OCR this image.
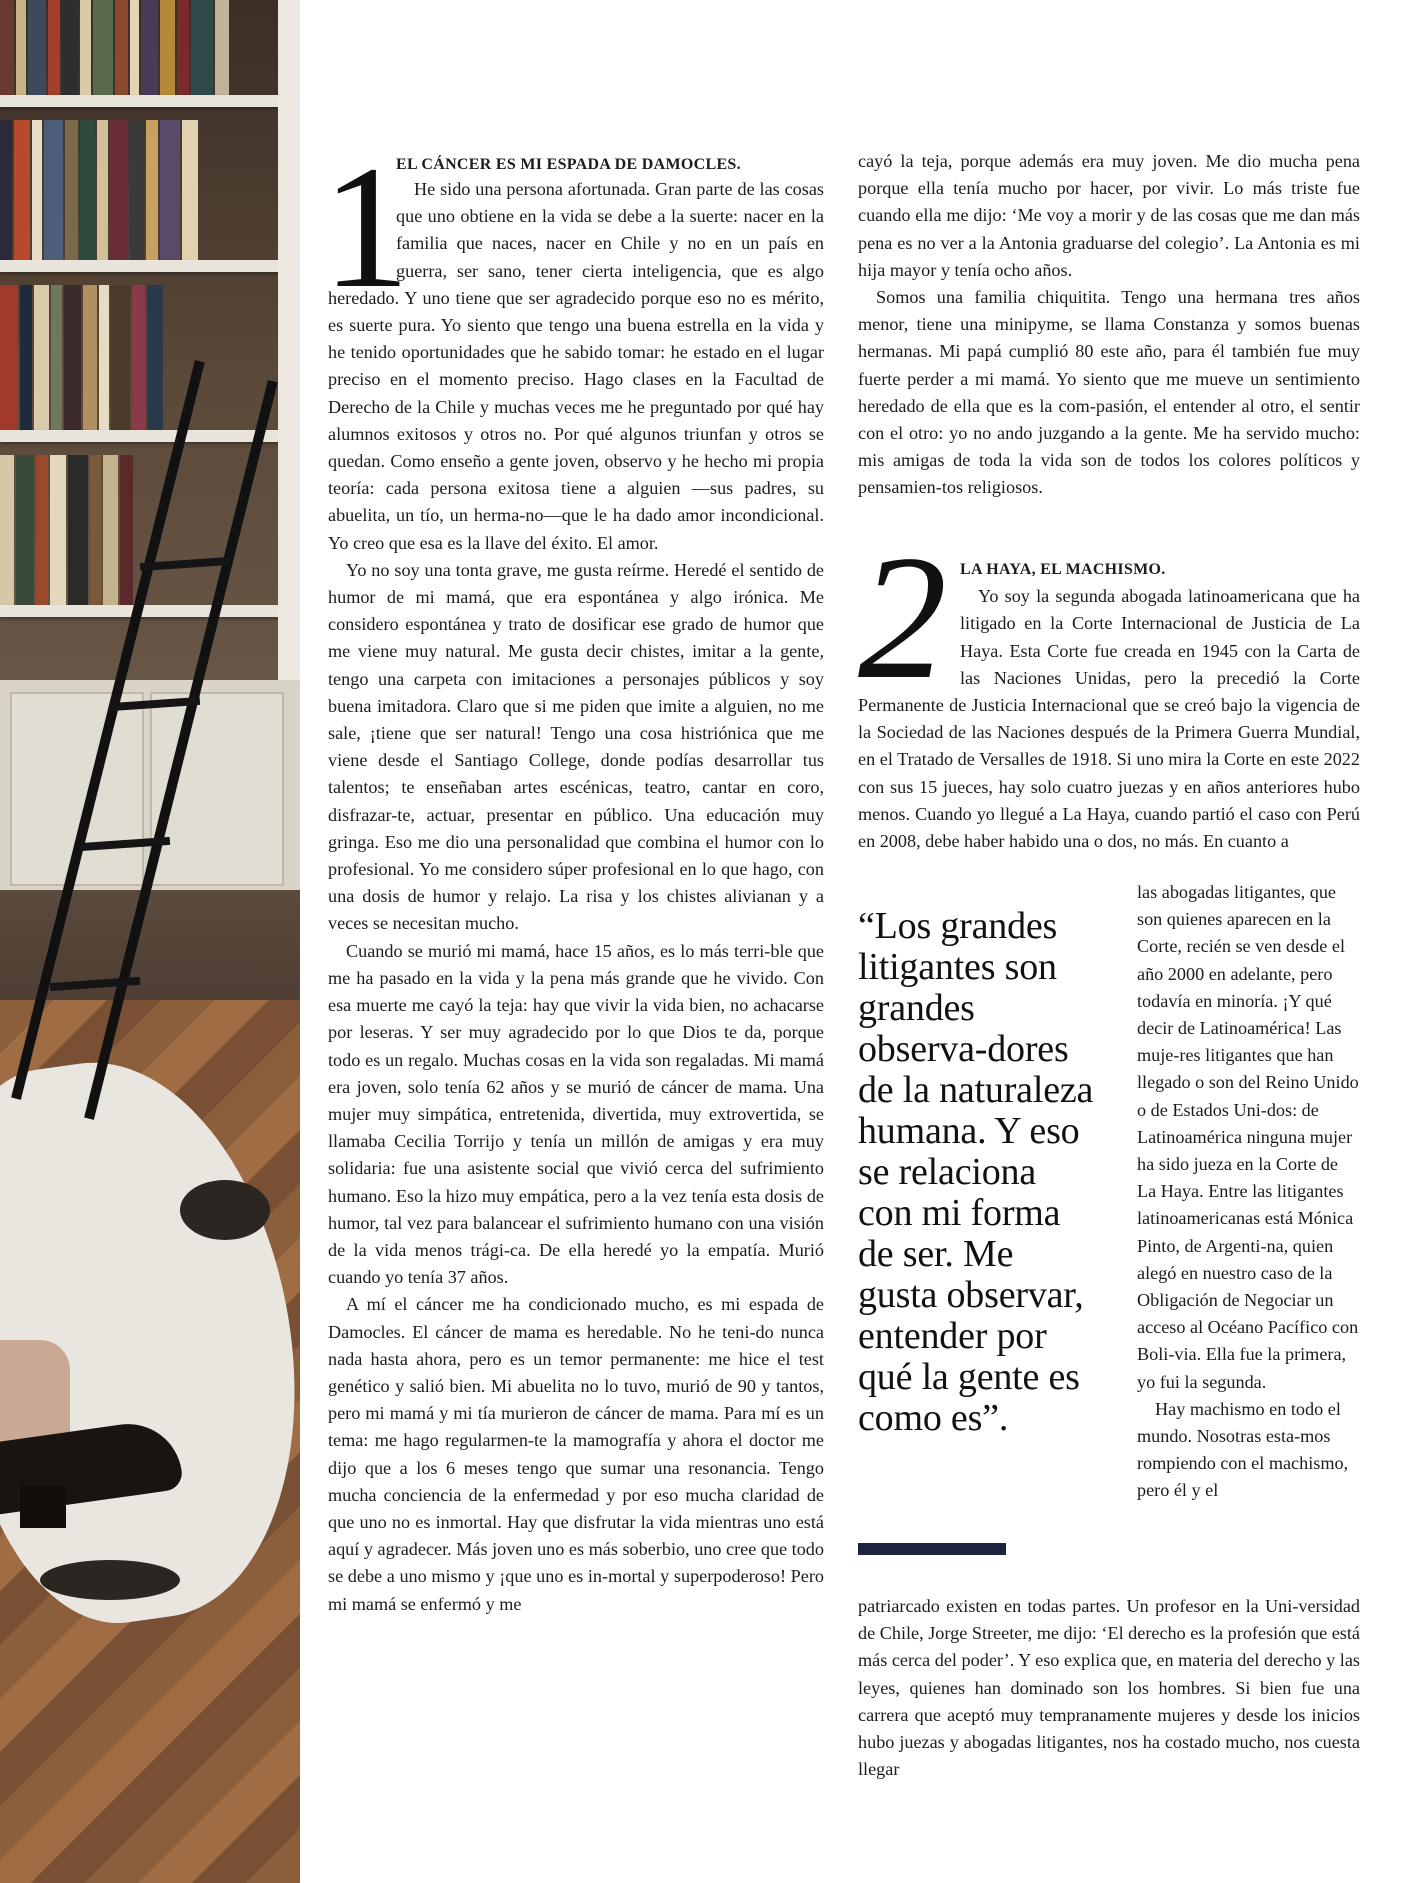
1

EL CÁNCER ES MI ESPADA DE DAMOCLES.

He sido una persona afortunada. Gran parte de las cosas que uno obtiene en la vida se debe a la suerte: nacer en la familia que naces, nacer en Chile y no en un país en guerra, ser sano, tener cierta inteligencia, que es algo heredado. Y uno tiene que ser agradecido porque eso no es mérito, es suerte pura. Yo siento que tengo una buena estrella en la vida y he tenido oportunidades que he sabido tomar: he estado en el lugar preciso en el momento preciso. Hago clases en la Facultad de Derecho de la Chile y muchas veces me he preguntado por qué hay alumnos exitosos y otros no. Por qué algunos triunfan y otros se quedan. Como enseño a gente joven, observo y he hecho mi propia teoría: cada persona exitosa tiene a alguien —sus padres, su abuelita, un tío, un herma-no—que le ha dado amor incondicional. Yo creo que esa es la llave del éxito. El amor.

Yo no soy una tonta grave, me gusta reírme. Heredé el sentido de humor de mi mamá, que era espontánea y algo irónica. Me considero espontánea y trato de dosificar ese grado de humor que me viene muy natural. Me gusta decir chistes, imitar a la gente, tengo una carpeta con imitaciones a personajes públicos y soy buena imitadora. Claro que si me piden que imite a alguien, no me sale, ¡tiene que ser natural! Tengo una cosa histriónica que me viene desde el Santiago College, donde podías desarrollar tus talentos; te enseñaban artes escénicas, teatro, cantar en coro, disfrazar-te, actuar, presentar en público. Una educación muy gringa. Eso me dio una personalidad que combina el humor con lo profesional. Yo me considero súper profesional en lo que hago, con una dosis de humor y relajo. La risa y los chistes alivianan y a veces se necesitan mucho.

Cuando se murió mi mamá, hace 15 años, es lo más terri-ble que me ha pasado en la vida y la pena más grande que he vivido. Con esa muerte me cayó la teja: hay que vivir la vida bien, no achacarse por leseras. Y ser muy agradecido por lo que Dios te da, porque todo es un regalo. Muchas cosas en la vida son regaladas. Mi mamá era joven, solo tenía 62 años y se murió de cáncer de mama. Una mujer muy simpática, entretenida, divertida, muy extrovertida, se llamaba Cecilia Torrijo y tenía un millón de amigas y era muy solidaria: fue una asistente social que vivió cerca del sufrimiento humano. Eso la hizo muy empática, pero a la vez tenía esta dosis de humor, tal vez para balancear el sufrimiento humano con una visión de la vida menos trági-ca. De ella heredé yo la empatía. Murió cuando yo tenía 37 años.

A mí el cáncer me ha condicionado mucho, es mi espada de Damocles. El cáncer de mama es heredable. No he teni-do nunca nada hasta ahora, pero es un temor permanente: me hice el test genético y salió bien. Mi abuelita no lo tuvo, murió de 90 y tantos, pero mi mamá y mi tía murieron de cáncer de mama. Para mí es un tema: me hago regularmen-te la mamografía y ahora el doctor me dijo que a los 6 meses tengo que sumar una resonancia. Tengo mucha conciencia de la enfermedad y por eso mucha claridad de que uno no es inmortal. Hay que disfrutar la vida mientras uno está aquí y agradecer. Más joven uno es más soberbio, uno cree que todo se debe a uno mismo y ¡que uno es in-mortal y superpoderoso! Pero mi mamá se enfermó y me

cayó la teja, porque además era muy joven. Me dio mucha pena porque ella tenía mucho por hacer, por vivir. Lo más triste fue cuando ella me dijo: ‘Me voy a morir y de las cosas que me dan más pena es no ver a la Antonia graduarse del colegio’. La Antonia es mi hija mayor y tenía ocho años.

Somos una familia chiquitita. Tengo una hermana tres años menor, tiene una minipyme, se llama Constanza y somos buenas hermanas. Mi papá cumplió 80 este año, para él también fue muy fuerte perder a mi mamá. Yo siento que me mueve un sentimiento heredado de ella que es la com-pasión, el entender al otro, el sentir con el otro: yo no ando juzgando a la gente. Me ha servido mucho: mis amigas de toda la vida son de todos los colores políticos y pensamien-tos religiosos.

2 LA HAYA, EL MACHISMO.
Yo soy la segunda abogada latinoamericana que ha litigado en la Corte Internacional de Justicia de La Haya. Esta Corte fue creada en 1945 con la Carta de las Naciones Unidas, pero la precedió la Corte Permanente de Justicia Internacional que se creó bajo la vigencia de la Sociedad de las Naciones después de la Primera Guerra Mundial, en el Tratado de Versalles de 1918. Si uno mira la Corte en este 2022 con sus 15 jueces, hay solo cuatro juezas y en años anteriores hubo menos. Cuando yo llegué a La Haya, cuando partió el caso con Perú en 2008, debe haber habido una o dos, no más. En cuanto a

las abogadas litigantes, que son quienes aparecen en la Corte, recién se ven desde el año 2000 en adelante, pero todavía en minoría. ¡Y qué decir de Latinoamérica! Las muje-res litigantes que han llegado o son del Reino Unido o de Estados Uni-dos: de Latinoamérica ninguna mujer ha sido jueza en la Corte de La Haya. Entre las litigantes latinoamericanas está Mónica Pinto, de Argenti-na, quien alegó en nuestro caso de la Obligación de Negociar un acceso al Océano Pacífico con Boli-via. Ella fue la primera, yo fui la segunda.

Hay machismo en todo el mundo. Nosotras esta-mos rompiendo con el machismo, pero él y el

patriarcado existen en todas partes. Un profesor en la Uni-versidad de Chile, Jorge Streeter, me dijo: ‘El derecho es la profesión que está más cerca del poder’. Y eso explica que, en materia del derecho y las leyes, quienes han dominado son los hombres. Si bien fue una carrera que aceptó muy tempranamente mujeres y desde los inicios hubo juezas y abogadas litigantes, nos ha costado mucho, nos cuesta llegar

“Los grandes litigantes son grandes observa-dores de la naturaleza humana. Y eso se relaciona con mi forma de ser. Me gusta observar, entender por qué la gente es como es”.
